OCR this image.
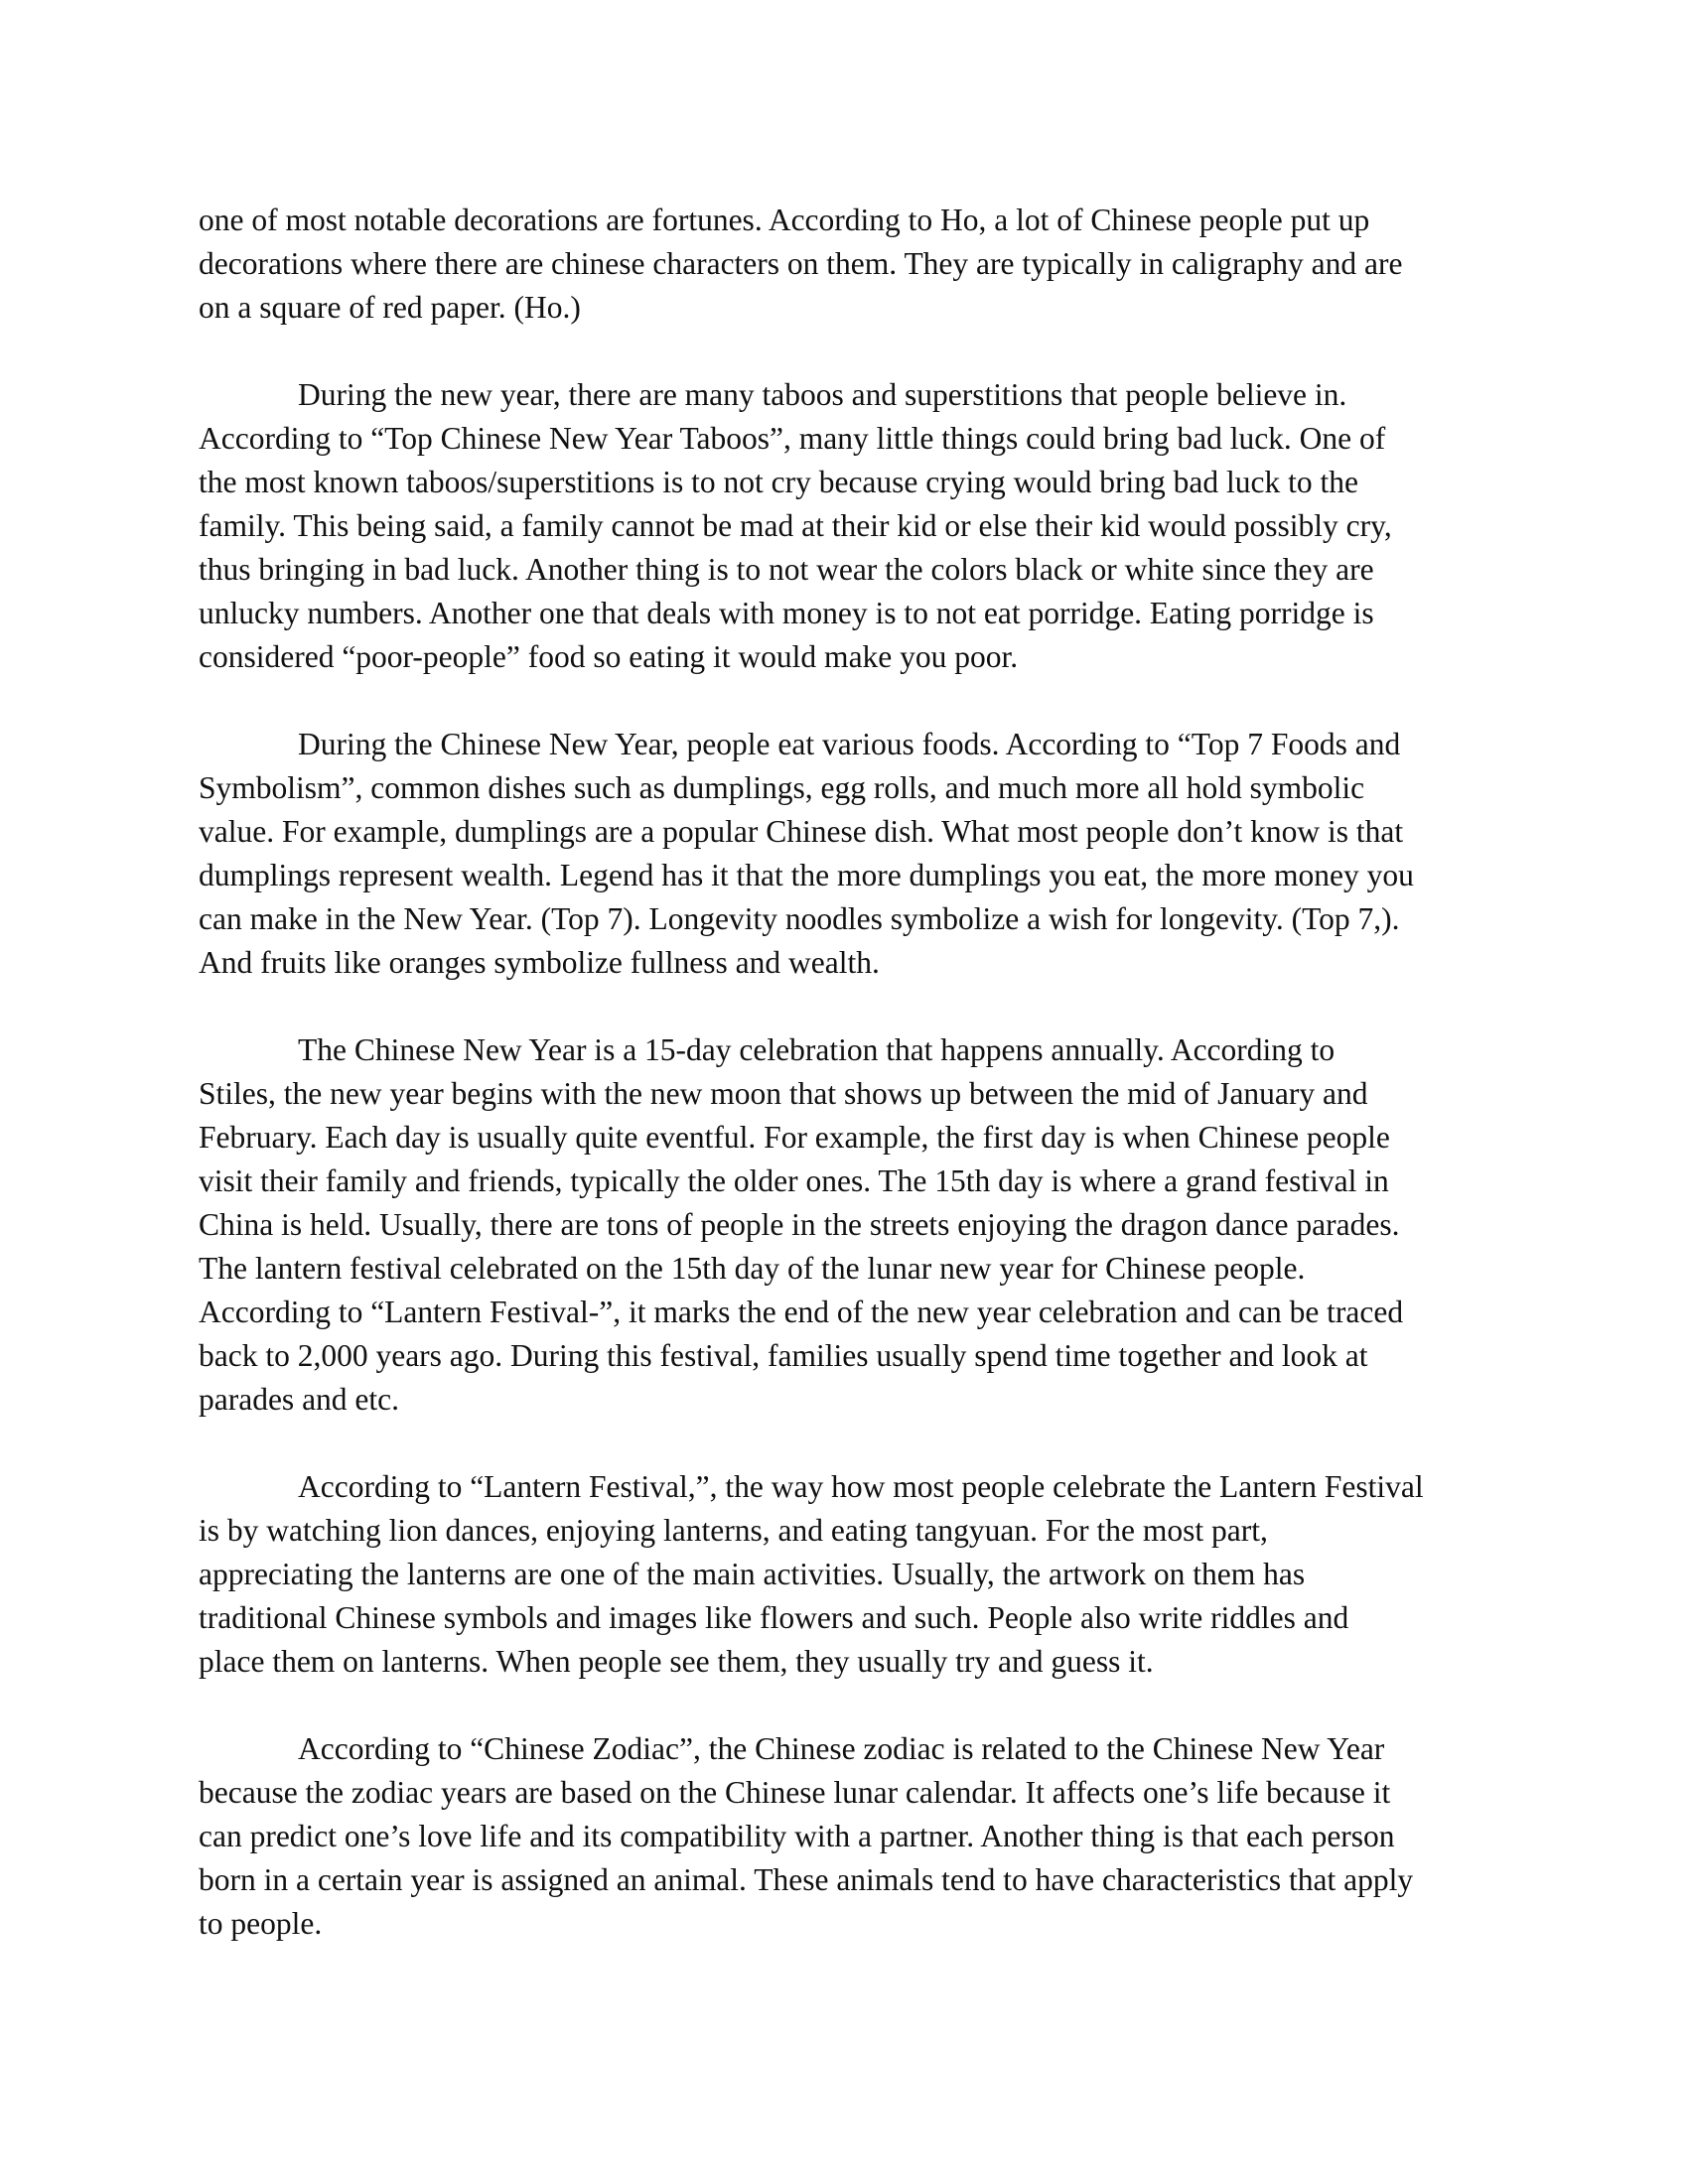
one of most notable decorations are fortunes. According to Ho, a lot of Chinese people put up
decorations where there are chinese characters on them. They are typically in caligraphy and are
on a square of red paper. (Ho.)

During the new year, there are many taboos and superstitions that people believe in.
According to “Top Chinese New Year Taboos”, many little things could bring bad luck. One of
the most known taboos/superstitions is to not cry because crying would bring bad luck to the
family. This being said, a family cannot be mad at their kid or else their kid would possibly cry,
thus bringing in bad luck. Another thing is to not wear the colors black or white since they are
unlucky numbers. Another one that deals with money is to not eat porridge. Eating porridge is
considered “poor-people” food so eating it would make you poor.

During the Chinese New Year, people eat various foods. According to “Top 7 Foods and
Symbolism”, common dishes such as dumplings, egg rolls, and much more all hold symbolic
value. For example, dumplings are a popular Chinese dish. What most people don’t know is that
dumplings represent wealth. Legend has it that the more dumplings you eat, the more money you
can make in the New Year. (Top 7). Longevity noodles symbolize a wish for longevity. (Top 7,).
And fruits like oranges symbolize fullness and wealth.

The Chinese New Year is a 15-day celebration that happens annually. According to
Stiles, the new year begins with the new moon that shows up between the mid of January and
February. Each day is usually quite eventful. For example, the first day is when Chinese people
visit their family and friends, typically the older ones. The 15th day is where a grand festival in
China is held. Usually, there are tons of people in the streets enjoying the dragon dance parades.
The lantern festival celebrated on the 15th day of the lunar new year for Chinese people.
According to “Lantern Festival-”, it marks the end of the new year celebration and can be traced
back to 2,000 years ago. During this festival, families usually spend time together and look at
parades and etc.

According to “Lantern Festival,”, the way how most people celebrate the Lantern Festival
is by watching lion dances, enjoying lanterns, and eating tangyuan. For the most part,
appreciating the lanterns are one of the main activities. Usually, the artwork on them has
traditional Chinese symbols and images like flowers and such. People also write riddles and
place them on lanterns. When people see them, they usually try and guess it.

According to “Chinese Zodiac”, the Chinese zodiac is related to the Chinese New Year
because the zodiac years are based on the Chinese lunar calendar. It affects one’s life because it
can predict one’s love life and its compatibility with a partner. Another thing is that each person
born in a certain year is assigned an animal. These animals tend to have characteristics that apply
to people.
